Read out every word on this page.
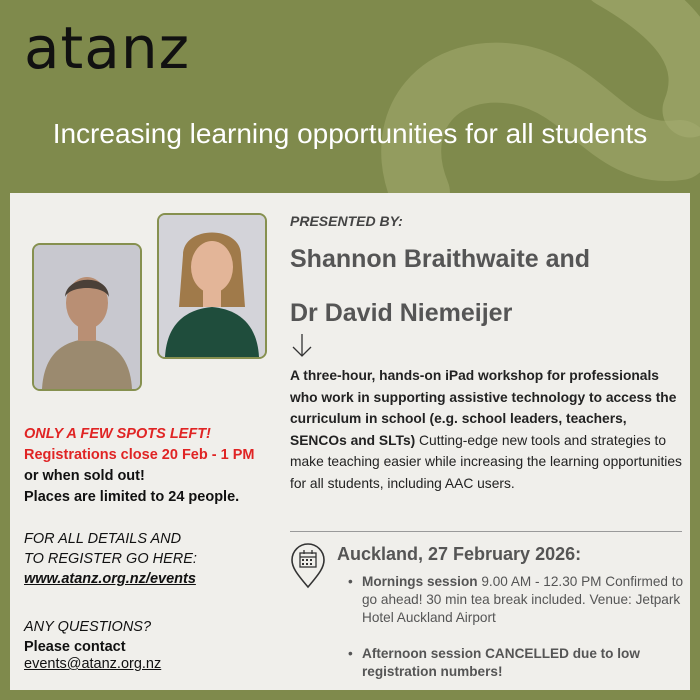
atanz
Increasing learning opportunities for all students
ONLY A FEW SPOTS LEFT!
Registrations close 20 Feb - 1 PM
or when sold out!
Places are limited to 24 people.
FOR ALL DETAILS AND
TO REGISTER GO HERE:
www.atanz.org.nz/events
ANY QUESTIONS?
Please contact
events@atanz.org.nz
PRESENTED BY:
Shannon Braithwaite and
Dr David Niemeijer
A three-hour, hands-on iPad workshop for professionals who work in supporting assistive technology to access the curriculum in school (e.g. school leaders, teachers, SENCOs and SLTs) Cutting-edge new tools and strategies to make teaching easier while increasing the learning opportunities for all students, including AAC users.
Auckland, 27 February 2026:
• Mornings session 9.00 AM - 12.30 PM Confirmed to go ahead! 30 min tea break included. Venue: Jetpark Hotel Auckland Airport
• Afternoon session CANCELLED due to low registration numbers!
